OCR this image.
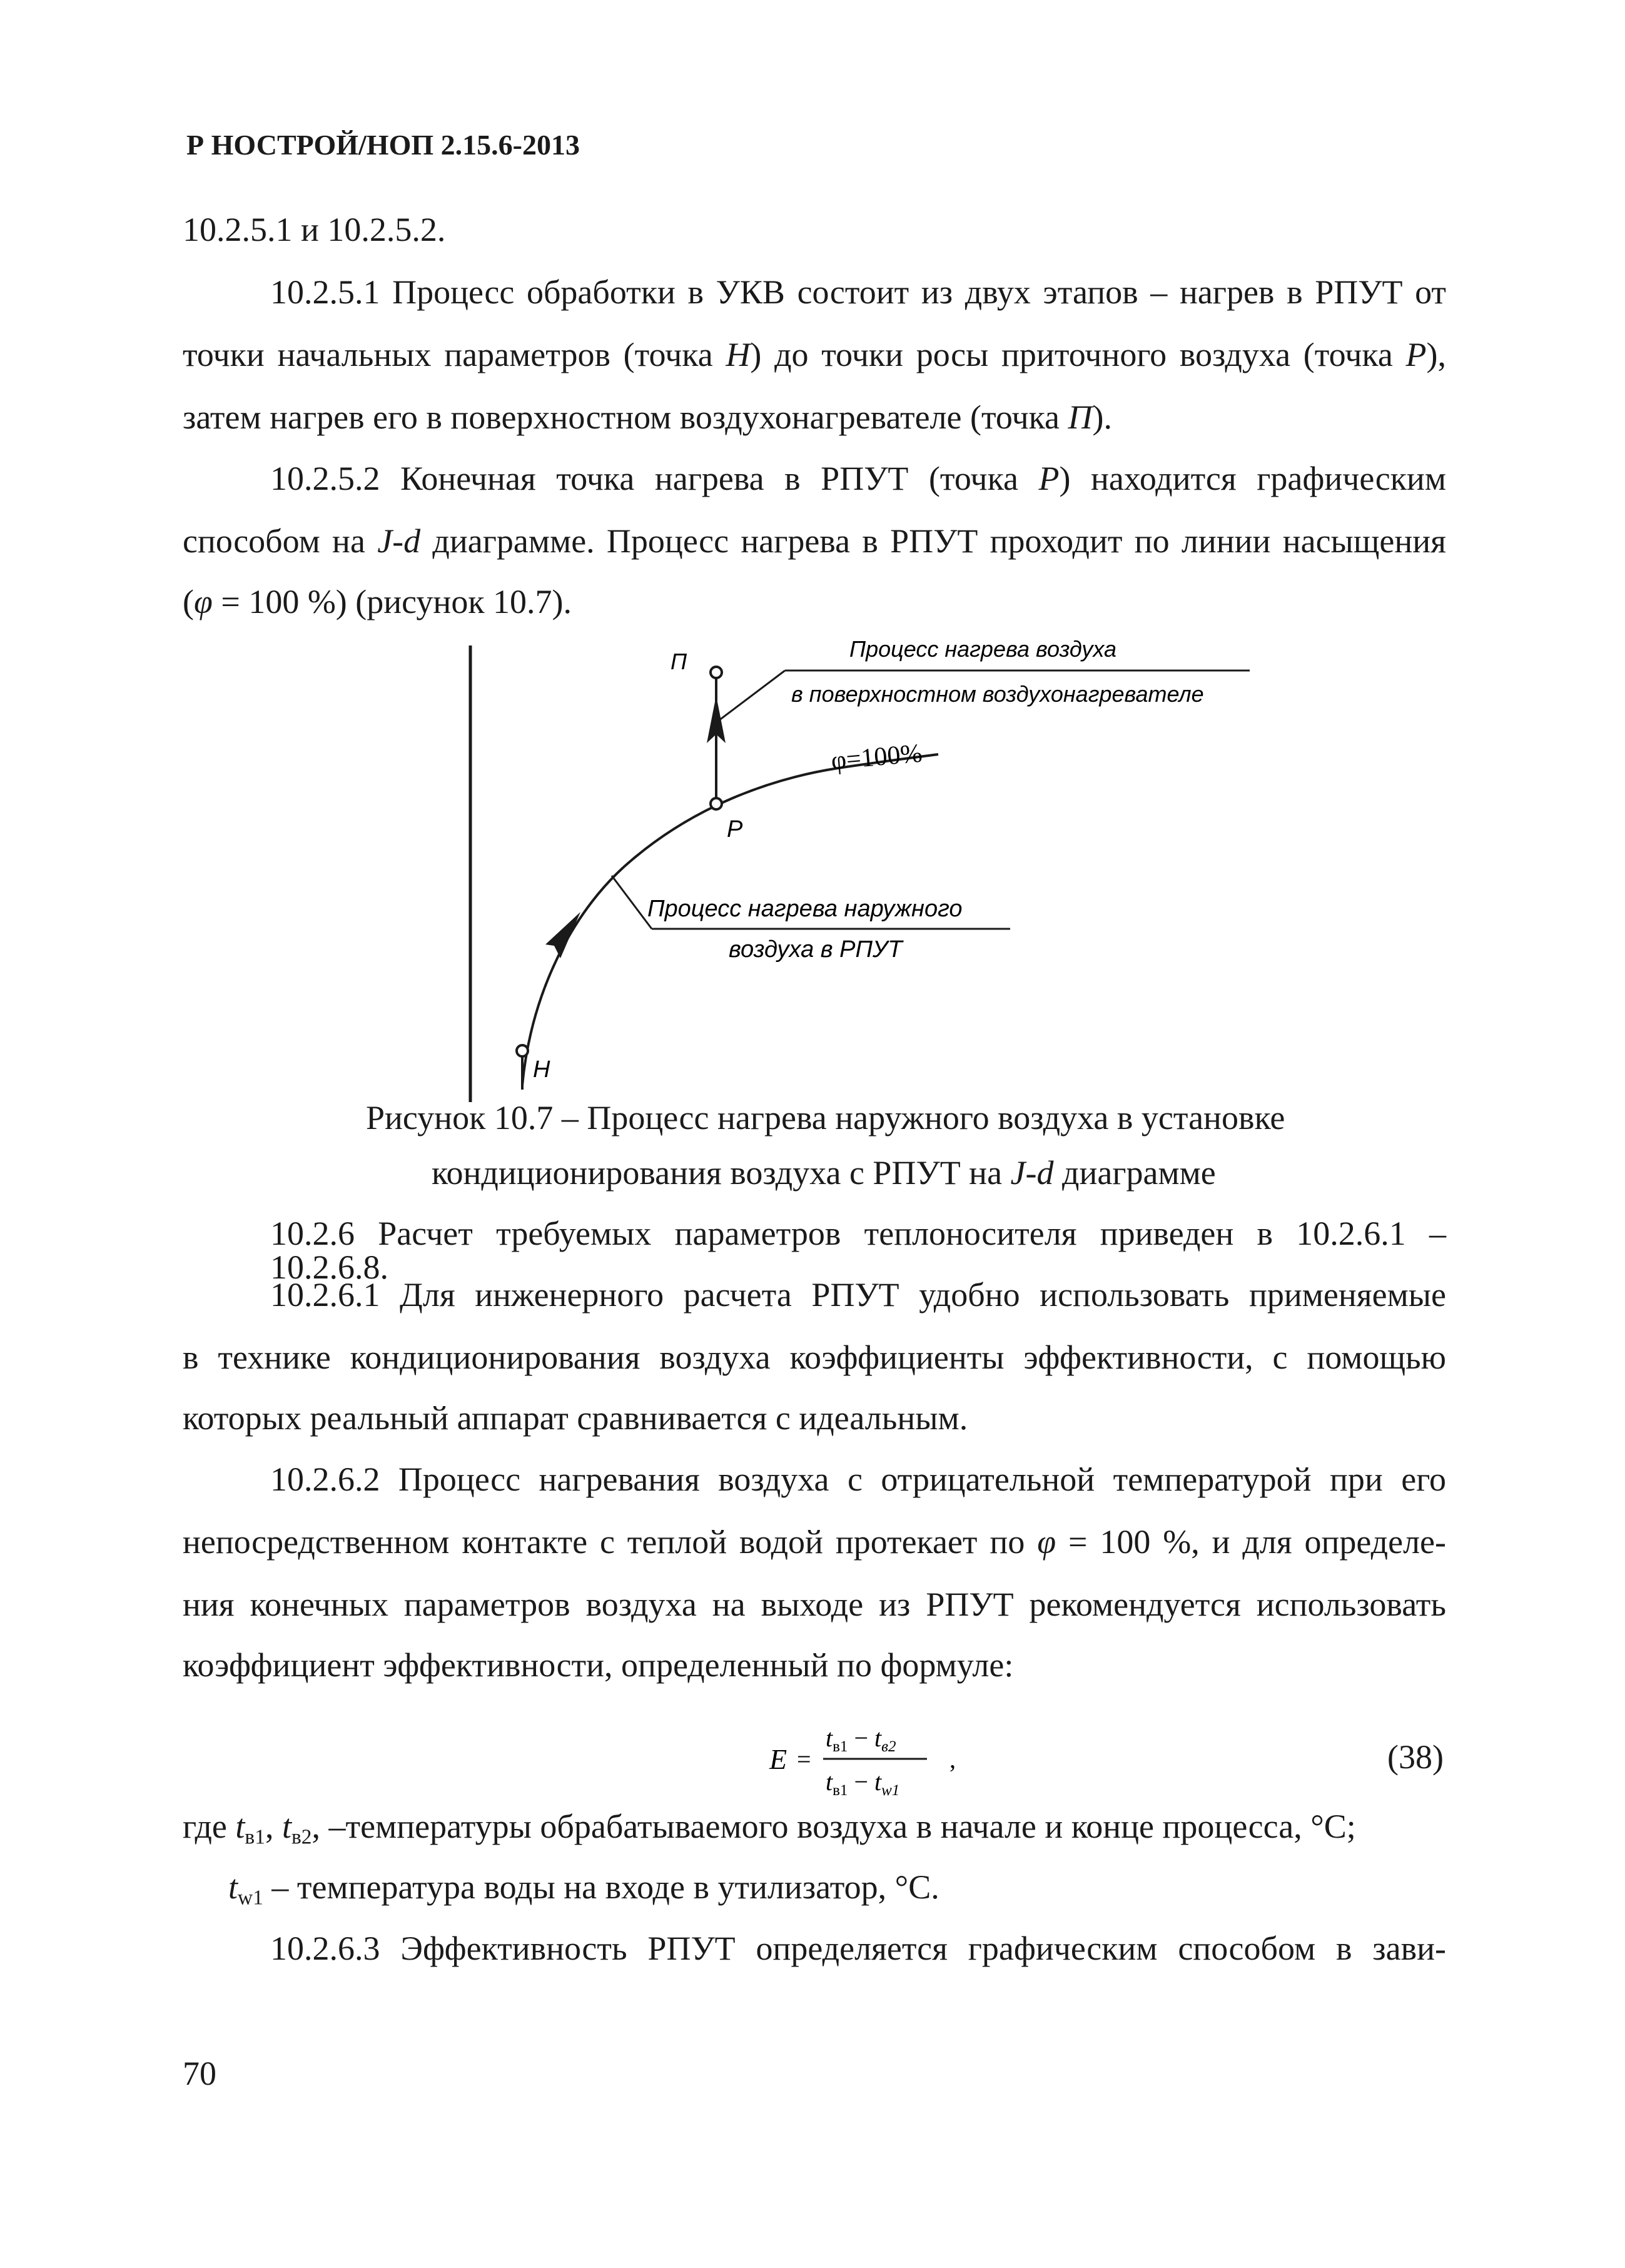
Р НОСТРОЙ/НОП 2.15.6-2013
10.2.5.1 и 10.2.5.2.
10.2.5.1 Процесс обработки в УКВ состоит из двух этапов – нагрев в РПУТ от
точки начальных параметров (точка Н) до точки росы приточного воздуха (точка Р),
затем нагрев его в поверхностном воздухонагревателе (точка П).
10.2.5.2 Конечная точка нагрева в РПУТ (точка Р) находится графическим
способом на J-d диаграмме. Процесс нагрева в РПУТ проходит по линии насыщения
(φ = 100 %) (рисунок 10.7).
П
Р
Н
φ=100%
Процесс нагрева воздуха
в поверхностном воздухонагревателе
Процесс нагрева наружного
воздуха в РПУТ
Рисунок 10.7 – Процесс нагрева наружного воздуха в установке
кондиционирования воздуха с РПУТ на J-d диаграмме
10.2.6 Расчет требуемых параметров теплоносителя приведен в 10.2.6.1 – 10.2.6.8.
10.2.6.1 Для инженерного расчета РПУТ удобно использовать применяемые
в технике кондиционирования воздуха коэффициенты эффективности, с помощью
которых реальный аппарат сравнивается с идеальным.
10.2.6.2 Процесс нагревания воздуха с отрицательной температурой при его
непосредственном контакте с теплой водой протекает по φ = 100 %, и для определе-
ния конечных параметров воздуха на выходе из РПУТ рекомендуется использовать
коэффициент эффективности, определенный по формуле:
E =
$t_{в1} - t_{в2}$
$t_{в1} - t_{w1}$
,	(38)
где $t_{в1}$, $t_{в2}$, –температуры обрабатываемого воздуха в начале и конце процесса, °С;
$t_{w1}$ – температура воды на входе в утилизатор, °С.
10.2.6.3 Эффективность РПУТ определяется графическим способом в зави-
70
